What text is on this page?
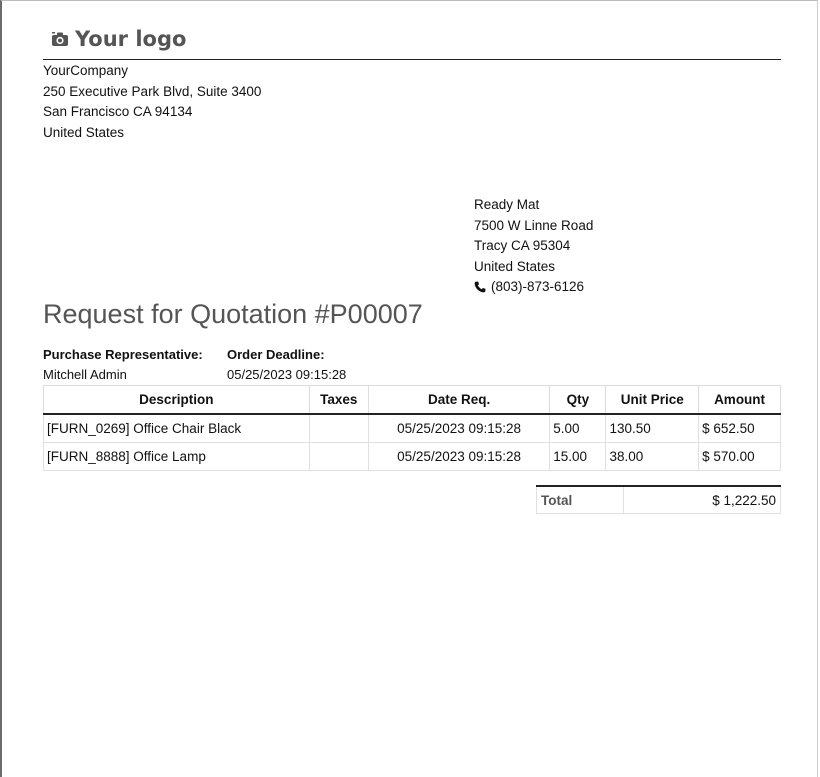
Your logo
YourCompany
250 Executive Park Blvd, Suite 3400
San Francisco CA 94134
United States
Ready Mat
7500 W Linne Road
Tracy CA 95304
United States
(803)-873-6126
Request for Quotation #P00007
Purchase Representative:
Mitchell Admin
Order Deadline:
05/25/2023 09:15:28
Description	Taxes	Date Req.	Qty	Unit Price	Amount
[FURN_0269] Office Chair Black		05/25/2023 09:15:28	5.00	130.50	$ 652.50
[FURN_8888] Office Lamp		05/25/2023 09:15:28	15.00	38.00	$ 570.00
Total	$ 1,222.50
